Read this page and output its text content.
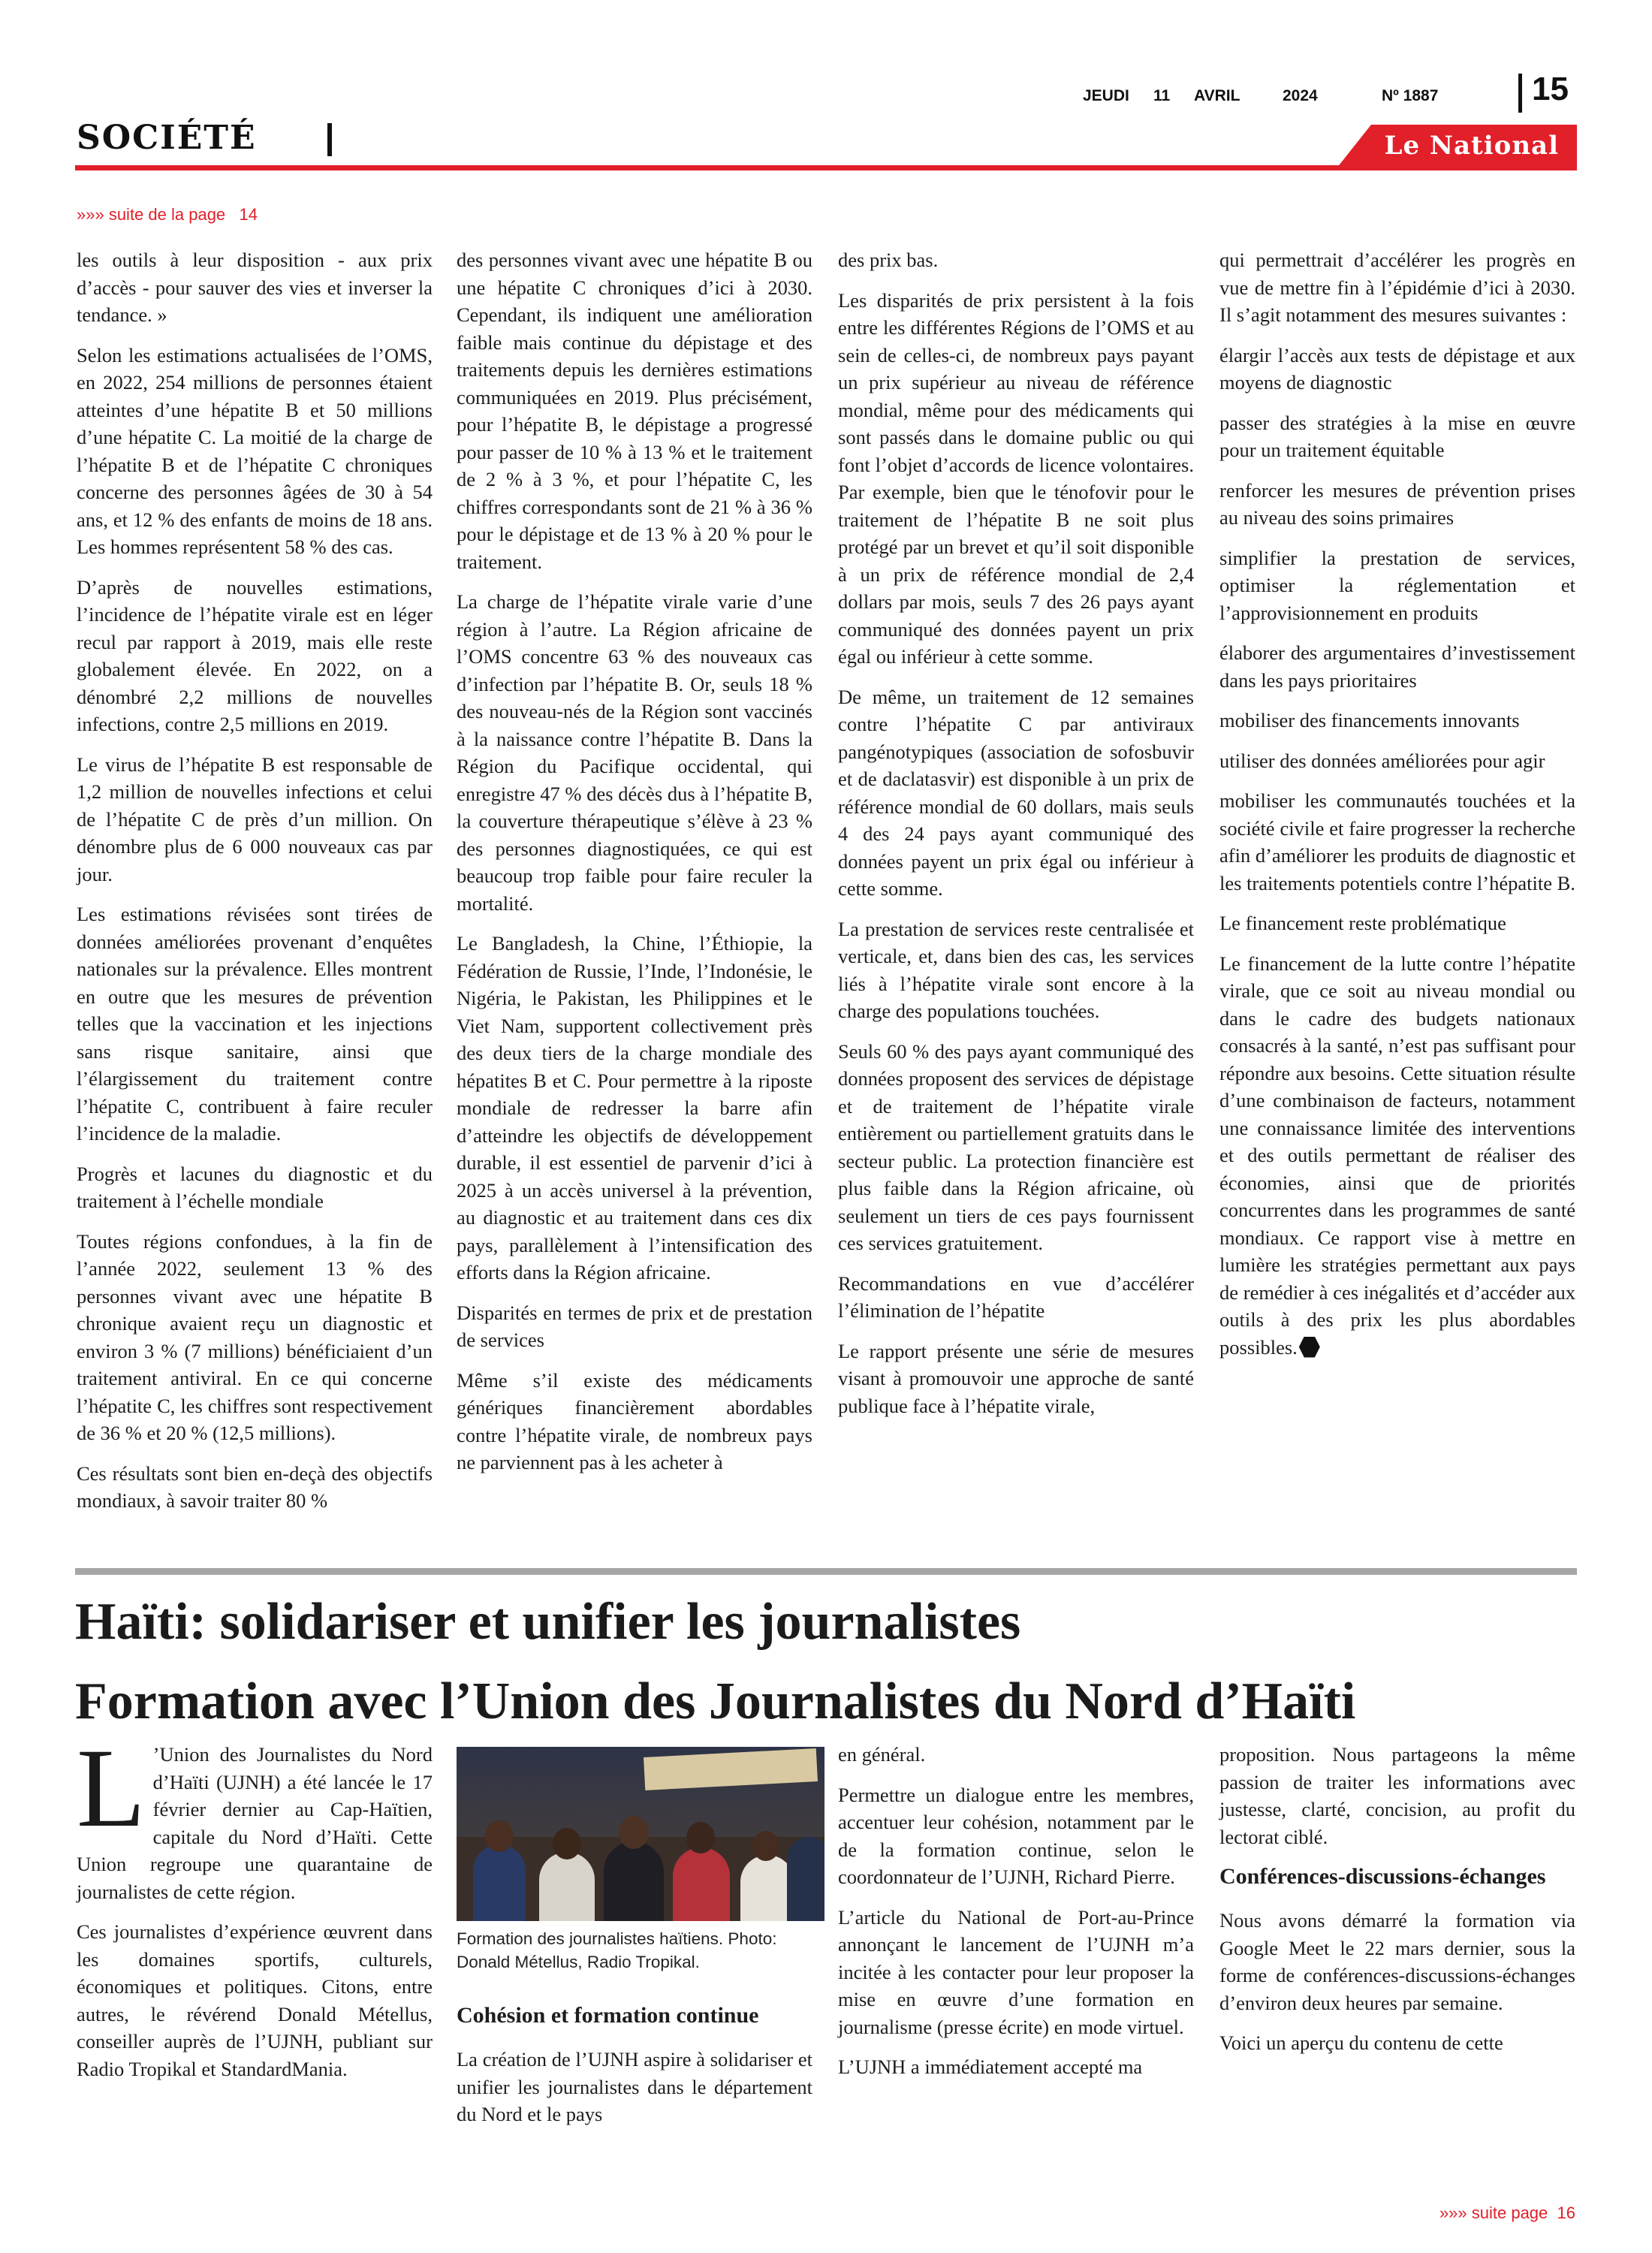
SOCIÉTÉ
JEUDI 11 AVRIL	2024	Nº 1887	15
Le National
»»» suite de la page 14

les outils à leur disposition - aux prix d’accès - pour sauver des vies et inverser la tendance. »

Selon les estimations actualisées de l’OMS, en 2022, 254 millions de personnes étaient atteintes d’une hépatite B et 50 millions d’une hépatite C. La moitié de la charge de l’hépatite B et de l’hépatite C chroniques concerne des personnes âgées de 30 à 54 ans, et 12 % des enfants de moins de 18 ans. Les hommes représentent 58 % des cas.

D’après de nouvelles estimations, l’incidence de l’hépatite virale est en léger recul par rapport à 2019, mais elle reste globalement élevée. En 2022, on a dénombré 2,2 millions de nouvelles infections, contre 2,5 millions en 2019.

Le virus de l’hépatite B est responsable de 1,2 million de nouvelles infections et celui de l’hépatite C de près d’un million. On dénombre plus de 6 000 nouveaux cas par jour.

Les estimations révisées sont tirées de données améliorées provenant d’enquêtes nationales sur la prévalence. Elles montrent en outre que les mesures de prévention telles que la vaccination et les injections sans risque sanitaire, ainsi que l’élargissement du traitement contre l’hépatite C, contribuent à faire reculer l’incidence de la maladie.

Progrès et lacunes du diagnostic et du traitement à l’échelle mondiale

Toutes régions confondues, à la fin de l’année 2022, seulement 13 % des personnes vivant avec une hépatite B chronique avaient reçu un diagnostic et environ 3 % (7 millions) bénéficiaient d’un traitement antiviral. En ce qui concerne l’hépatite C, les chiffres sont respectivement de 36 % et 20 % (12,5 millions).

Ces résultats sont bien en-deçà des objectifs mondiaux, à savoir traiter 80 %

des personnes vivant avec une hépatite B ou une hépatite C chroniques d’ici à 2030. Cependant, ils indiquent une amélioration faible mais continue du dépistage et des traitements depuis les dernières estimations communiquées en 2019. Plus précisément, pour l’hépatite B, le dépistage a progressé pour passer de 10 % à 13 % et le traitement de 2 % à 3 %, et pour l’hépatite C, les chiffres correspondants sont de 21 % à 36 % pour le dépistage et de 13 % à 20 % pour le traitement.

La charge de l’hépatite virale varie d’une région à l’autre. La Région africaine de l’OMS concentre 63 % des nouveaux cas d’infection par l’hépatite B. Or, seuls 18 % des nouveau-nés de la Région sont vaccinés à la naissance contre l’hépatite B. Dans la Région du Pacifique occidental, qui enregistre 47 % des décès dus à l’hépatite B, la couverture thérapeutique s’élève à 23 % des personnes diagnostiquées, ce qui est beaucoup trop faible pour faire reculer la mortalité.

Le Bangladesh, la Chine, l’Éthiopie, la Fédération de Russie, l’Inde, l’Indonésie, le Nigéria, le Pakistan, les Philippines et le Viet Nam, supportent collectivement près des deux tiers de la charge mondiale des hépatites B et C. Pour permettre à la riposte mondiale de redresser la barre afin d’atteindre les objectifs de développement durable, il est essentiel de parvenir d’ici à 2025 à un accès universel à la prévention, au diagnostic et au traitement dans ces dix pays, parallèlement à l’intensification des efforts dans la Région africaine.

Disparités en termes de prix et de prestation de services

Même s’il existe des médicaments génériques financièrement abordables contre l’hépatite virale, de nombreux pays ne parviennent pas à les acheter à

des prix bas.

Les disparités de prix persistent à la fois entre les différentes Régions de l’OMS et au sein de celles-ci, de nombreux pays payant un prix supérieur au niveau de référence mondial, même pour des médicaments qui sont passés dans le domaine public ou qui font l’objet d’accords de licence volontaires. Par exemple, bien que le ténofovir pour le traitement de l’hépatite B ne soit plus protégé par un brevet et qu’il soit disponible à un prix de référence mondial de 2,4 dollars par mois, seuls 7 des 26 pays ayant communiqué des données payent un prix égal ou inférieur à cette somme.

De même, un traitement de 12 semaines contre l’hépatite C par antiviraux pangénotypiques (association de sofosbuvir et de daclatasvir) est disponible à un prix de référence mondial de 60 dollars, mais seuls 4 des 24 pays ayant communiqué des données payent un prix égal ou inférieur à cette somme.

La prestation de services reste centralisée et verticale, et, dans bien des cas, les services liés à l’hépatite virale sont encore à la charge des populations touchées.

Seuls 60 % des pays ayant communiqué des données proposent des services de dépistage et de traitement de l’hépatite virale entièrement ou partiellement gratuits dans le secteur public. La protection financière est plus faible dans la Région africaine, où seulement un tiers de ces pays fournissent ces services gratuitement.

Recommandations en vue d’accélérer l’élimination de l’hépatite

Le rapport présente une série de mesures visant à promouvoir une approche de santé publique face à l’hépatite virale,

qui permettrait d’accélérer les progrès en vue de mettre fin à l’épidémie d’ici à 2030. Il s’agit notamment des mesures suivantes :

élargir l’accès aux tests de dépistage et aux moyens de diagnostic

passer des stratégies à la mise en œuvre pour un traitement équitable

renforcer les mesures de prévention prises au niveau des soins primaires

simplifier la prestation de services, optimiser la réglementation et l’approvisionnement en produits

élaborer des argumentaires d’investissement dans les pays prioritaires

mobiliser des financements innovants

utiliser des données améliorées pour agir

mobiliser les communautés touchées et la société civile et faire progresser la recherche afin d’améliorer les produits de diagnostic et les traitements potentiels contre l’hépatite B.

Le financement reste problématique

Le financement de la lutte contre l’hépatite virale, que ce soit au niveau mondial ou dans le cadre des budgets nationaux consacrés à la santé, n’est pas suffisant pour répondre aux besoins. Cette situation résulte d’une combinaison de facteurs, notamment une connaissance limitée des interventions et des outils permettant de réaliser des économies, ainsi que de priorités concurrentes dans les programmes de santé mondiaux. Ce rapport vise à mettre en lumière les stratégies permettant aux pays de remédier à ces inégalités et d’accéder aux outils à des prix les plus abordables possibles.

Haïti: solidariser et unifier les journalistes
Formation avec l’Union des Journalistes du Nord d’Haïti

L ’Union des Journalistes du Nord d’Haïti (UJNH) a été lancée le 17 février dernier au Cap-Haïtien, capitale du Nord d’Haïti. Cette Union regroupe une quarantaine de journalistes de cette région.

Ces journalistes d’expérience œuvrent dans les domaines sportifs, culturels, économiques et politiques. Citons, entre autres, le révérend Donald Métellus, conseiller auprès de l’UJNH, publiant sur Radio Tropikal et StandardMania.

Formation des journalistes haïtiens. Photo: Donald Métellus, Radio Tropikal.

Cohésion et formation continue

La création de l’UJNH aspire à solidariser et unifier les journalistes dans le département du Nord et le pays

en général.

Permettre un dialogue entre les membres, accentuer leur cohésion, notamment par le de la formation continue, selon le coordonnateur de l’UJNH, Richard Pierre.

L’article du National de Port-au-Prince annonçant le lancement de l’UJNH m’a incitée à les contacter pour leur proposer la mise en œuvre d’une formation en journalisme (presse écrite) en mode virtuel.

L’UJNH a immédiatement accepté ma

proposition. Nous partageons la même passion de traiter les informations avec justesse, clarté, concision, au profit du lectorat ciblé.

Conférences-discussions-échanges

Nous avons démarré la formation via Google Meet le 22 mars dernier, sous la forme de conférences-discussions-échanges d’environ deux heures par semaine.

Voici un aperçu du contenu de cette

»»» suite page 16
